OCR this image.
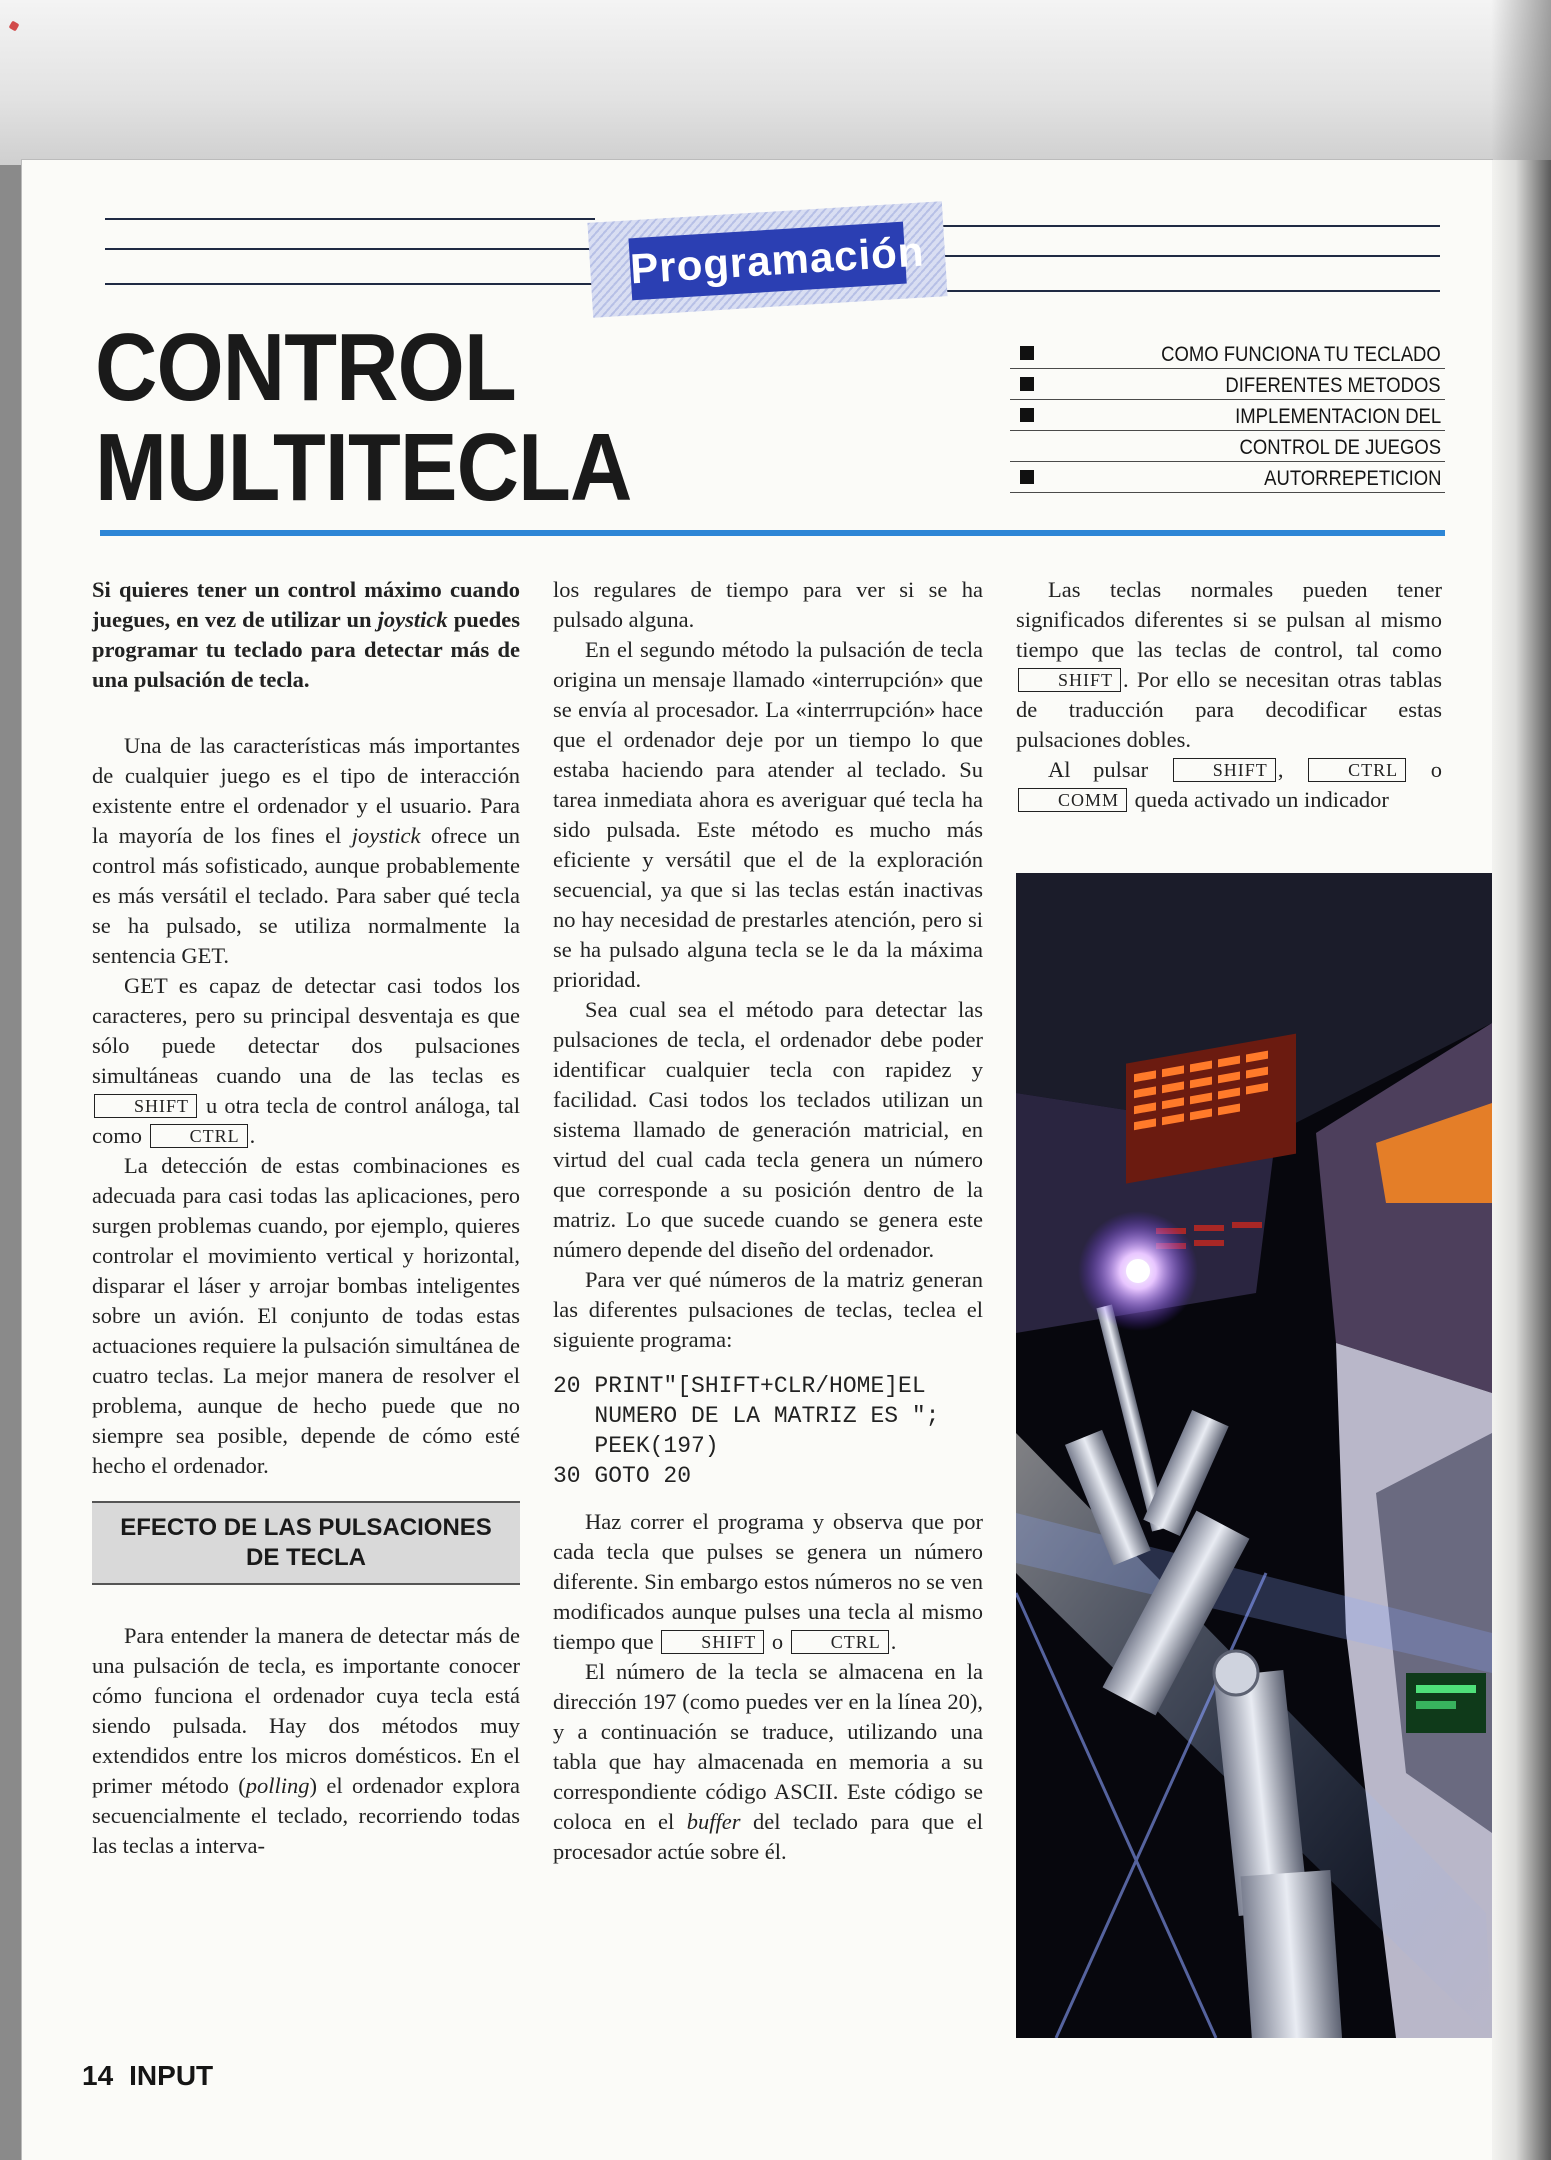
Programación
CONTROL
MULTITECLA
COMO FUNCIONA TU TECLADO
DIFERENTES METODOS
IMPLEMENTACION DEL
CONTROL DE JUEGOS
AUTORREPETICION

Si quieres tener un control máximo cuando juegues, en vez de utilizar un joystick puedes programar tu teclado para detectar más de una pulsación de tecla.

Una de las características más importantes de cualquier juego es el tipo de interacción existente entre el ordenador y el usuario. Para la mayoría de los fines el joystick ofrece un control más sofisticado, aunque probablemente es más versátil el teclado. Para saber qué tecla se ha pulsado, se utiliza normalmente la sentencia GET.

GET es capaz de detectar casi todos los caracteres, pero su principal desventaja es que sólo puede detectar dos pulsaciones simultáneas cuando una de las teclas es SHIFT u otra tecla de control análoga, tal como CTRL .

La detección de estas combinaciones es adecuada para casi todas las aplicaciones, pero surgen problemas cuando, por ejemplo, quieres controlar el movimiento vertical y horizontal, disparar el láser y arrojar bombas inteligentes sobre un avión. El conjunto de todas estas actuaciones requiere la pulsación simultánea de cuatro teclas. La mejor manera de resolver el problema, aunque de hecho puede que no siempre sea posible, depende de cómo esté hecho el ordenador.

EFECTO DE LAS PULSACIONES DE TECLA

Para entender la manera de detectar más de una pulsación de tecla, es importante conocer cómo funciona el ordenador cuya tecla está siendo pulsada. Hay dos métodos muy extendidos entre los micros domésticos. En el primer método (polling) el ordenador explora secuencialmente el teclado, recorriendo todas las teclas a interva-

los regulares de tiempo para ver si se ha pulsado alguna.

En el segundo método la pulsación de tecla origina un mensaje llamado «interrupción» que se envía al procesador. La «interrrupción» hace que el ordenador deje por un tiempo lo que estaba haciendo para atender al teclado. Su tarea inmediata ahora es averiguar qué tecla ha sido pulsada. Este método es mucho más eficiente y versátil que el de la exploración secuencial, ya que si las teclas están inactivas no hay necesidad de prestarles atención, pero si se ha pulsado alguna tecla se le da la máxima prioridad.

Sea cual sea el método para detectar las pulsaciones de tecla, el ordenador debe poder identificar cualquier tecla con rapidez y facilidad. Casi todos los teclados utilizan un sistema llamado de generación matricial, en virtud del cual cada tecla genera un número que corresponde a su posición dentro de la matriz. Lo que sucede cuando se genera este número depende del diseño del ordenador.

Para ver qué números de la matriz generan las diferentes pulsaciones de teclas, teclea el siguiente programa:

20 PRINT"[SHIFT+CLR/HOME]EL
NUMERO DE LA MATRIZ ES ";
PEEK(197)
30 GOTO 20

Haz correr el programa y observa que por cada tecla que pulses se genera un número diferente. Sin embargo estos números no se ven modificados aunque pulses una tecla al mismo tiempo que SHIFT o CTRL .

El número de la tecla se almacena en la dirección 197 (como puedes ver en la línea 20), y a continuación se traduce, utilizando una tabla que hay almacenada en memoria a su correspondiente código ASCII. Este código se coloca en el buffer del teclado para que el procesador actúe sobre él.

Las teclas normales pueden tener significados diferentes si se pulsan al mismo tiempo que las teclas de control, tal como SHIFT . Por ello se necesitan otras tablas de traducción para decodificar estas pulsaciones dobles.

Al pulsar SHIFT , CTRL o COMM queda activado un indicador

14 INPUT
